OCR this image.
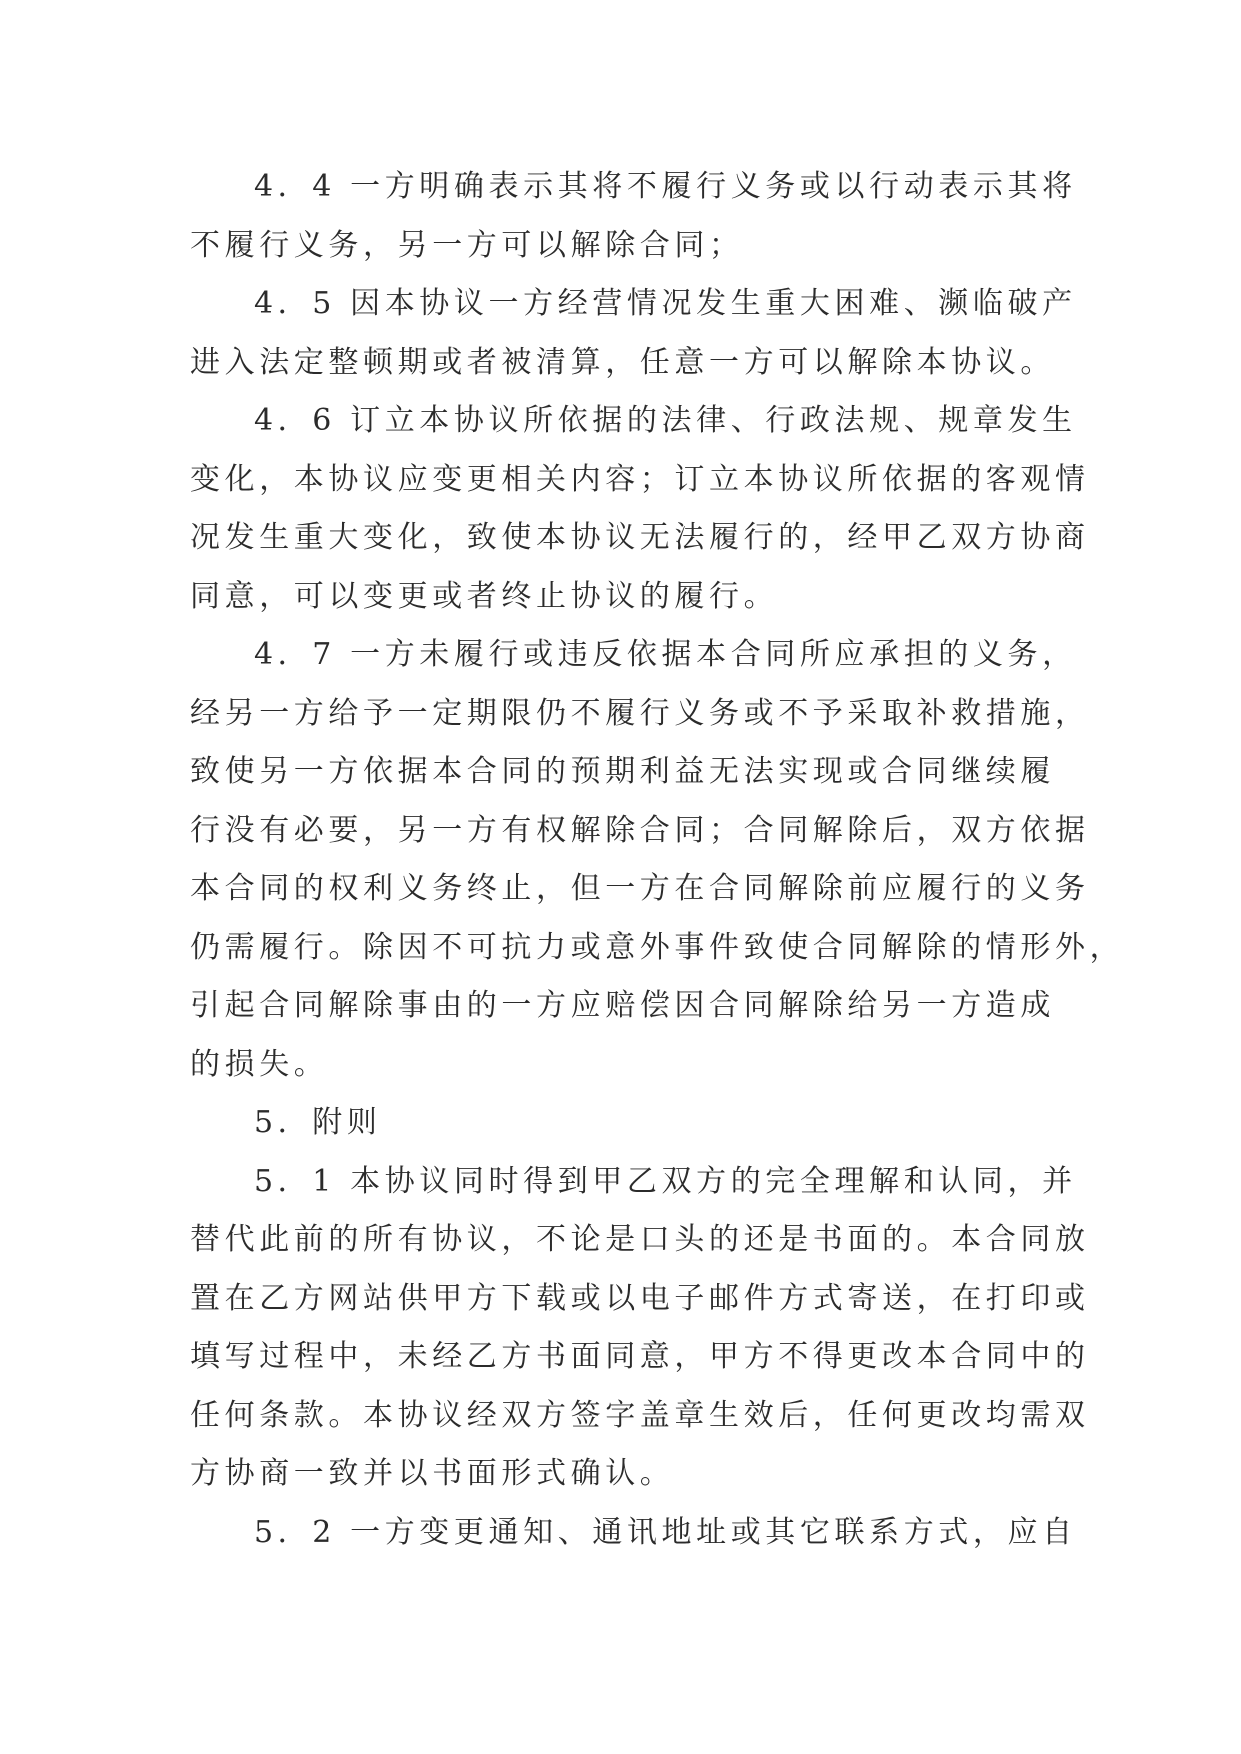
4．4 一方明确表示其将不履行义务或以行动表示其将
不履行义务，另一方可以解除合同；
4．5 因本协议一方经营情况发生重大困难、濒临破产
进入法定整顿期或者被清算，任意一方可以解除本协议。
4．6 订立本协议所依据的法律、行政法规、规章发生
变化，本协议应变更相关内容；订立本协议所依据的客观情
况发生重大变化，致使本协议无法履行的，经甲乙双方协商
同意，可以变更或者终止协议的履行。
4．7 一方未履行或违反依据本合同所应承担的义务，
经另一方给予一定期限仍不履行义务或不予采取补救措施，
致使另一方依据本合同的预期利益无法实现或合同继续履
行没有必要，另一方有权解除合同；合同解除后，双方依据
本合同的权利义务终止，但一方在合同解除前应履行的义务
仍需履行。除因不可抗力或意外事件致使合同解除的情形外，
引起合同解除事由的一方应赔偿因合同解除给另一方造成
的损失。
5．附则
5．1 本协议同时得到甲乙双方的完全理解和认同，并
替代此前的所有协议，不论是口头的还是书面的。本合同放
置在乙方网站供甲方下载或以电子邮件方式寄送，在打印或
填写过程中，未经乙方书面同意，甲方不得更改本合同中的
任何条款。本协议经双方签字盖章生效后，任何更改均需双
方协商一致并以书面形式确认。
5．2 一方变更通知、通讯地址或其它联系方式，应自
